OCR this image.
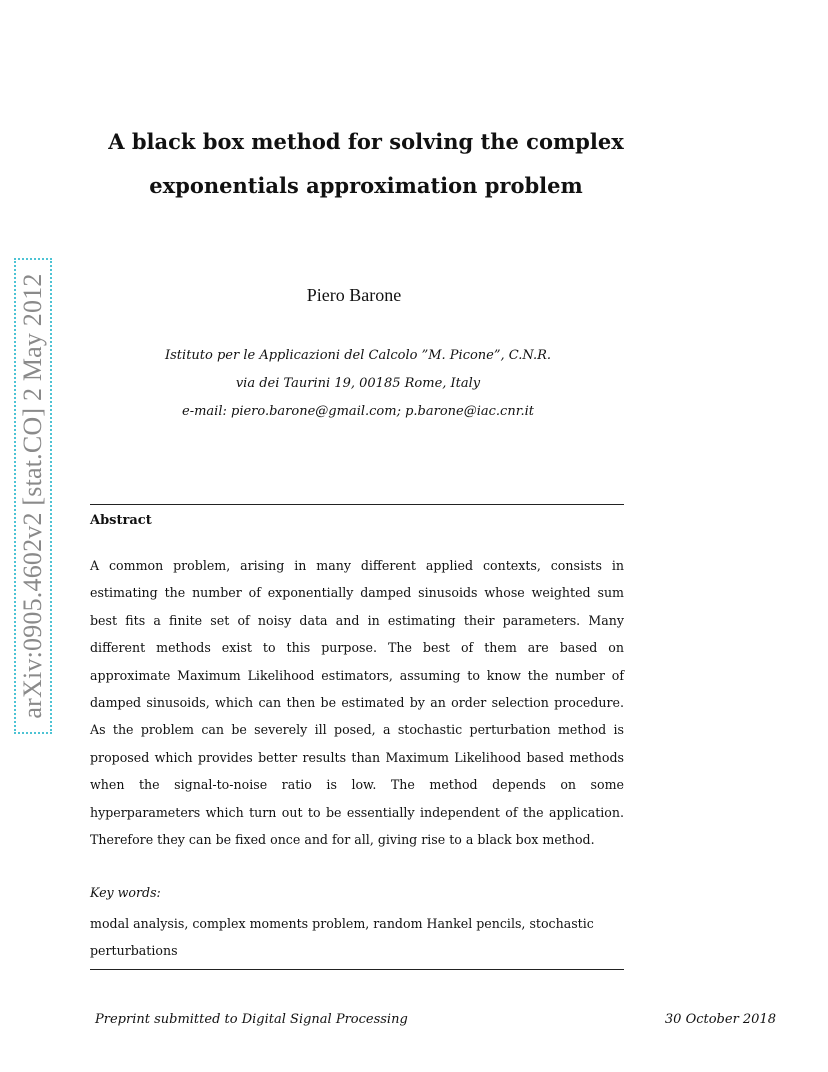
arXiv:0905.4602v2 [stat.CO] 2 May 2012
A black box method for solving the complex
exponentials approximation problem
Piero Barone
Istituto per le Applicazioni del Calcolo ”M. Picone”, C.N.R.
via dei Taurini 19, 00185 Rome, Italy
e-mail: piero.barone@gmail.com; p.barone@iac.cnr.it
Abstract
A common problem, arising in many different applied contexts, consists in estimating the number of exponentially damped sinusoids whose weighted sum best fits a finite set of noisy data and in estimating their parameters. Many different methods exist to this purpose. The best of them are based on approximate Maximum Likelihood estimators, assuming to know the number of damped sinusoids, which can then be estimated by an order selection procedure. As the problem can be severely ill posed, a stochastic perturbation method is proposed which provides better results than Maximum Likelihood based methods when the signal-to-noise ratio is low. The method depends on some hyperparameters which turn out to be essentially independent of the application. Therefore they can be fixed once and for all, giving rise to a black box method.
Key words:
modal analysis, complex moments problem, random Hankel pencils, stochastic perturbations
Preprint submitted to Digital Signal Processing	30 October 2018
